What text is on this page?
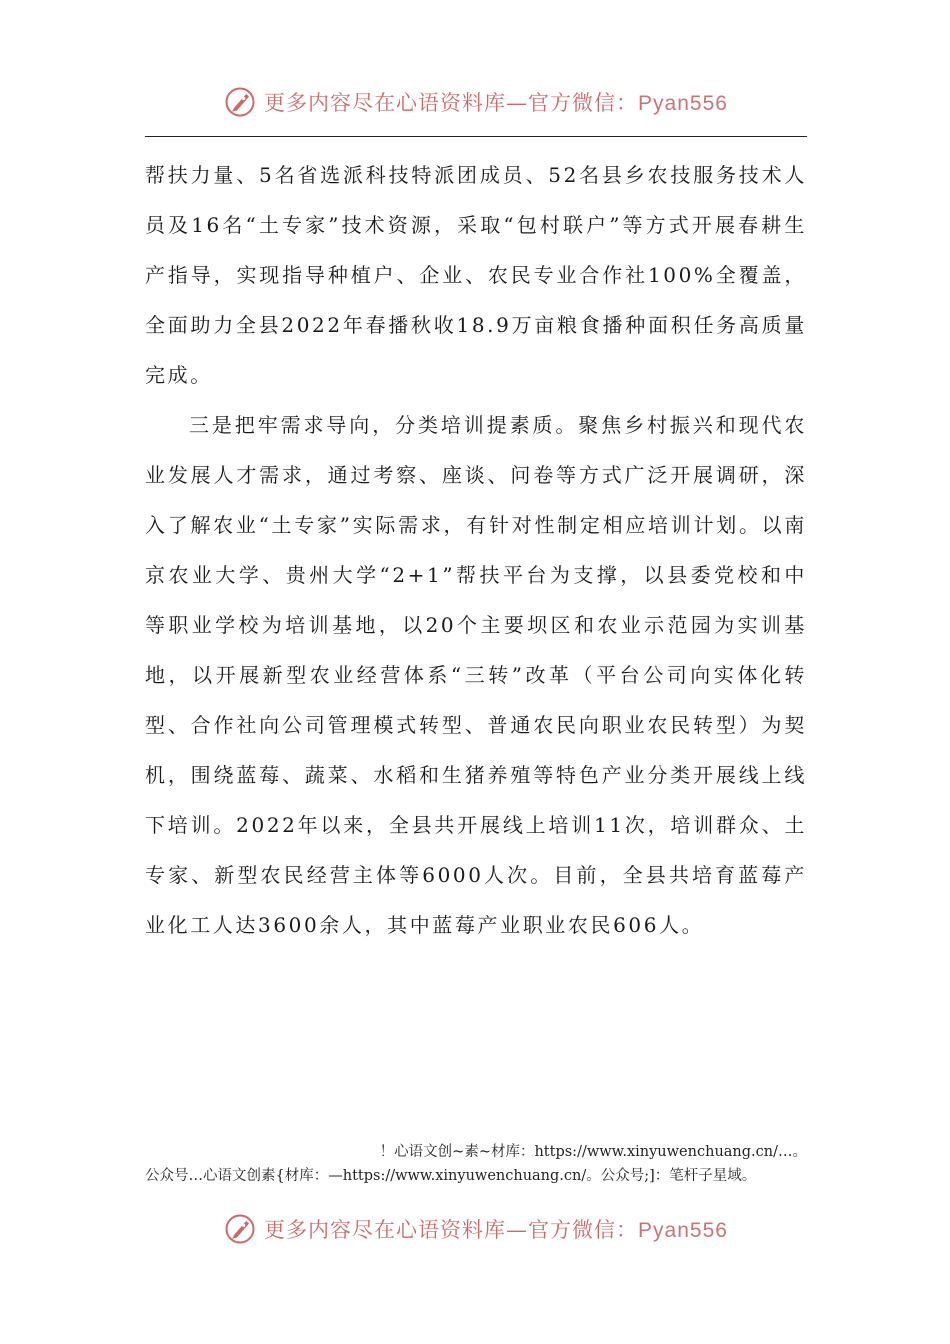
更多内容尽在心语资料库—官方微信：Pyan556

帮扶力量、5名省选派科技特派团成员、52名县乡农技服务技术人员及16名“土专家”技术资源，采取“包村联户”等方式开展春耕生产指导，实现指导种植户、企业、农民专业合作社100%全覆盖，全面助力全县2022年春播秋收18.9万亩粮食播种面积任务高质量完成。

三是把牢需求导向，分类培训提素质。聚焦乡村振兴和现代农业发展人才需求，通过考察、座谈、问卷等方式广泛开展调研，深入了解农业“土专家”实际需求，有针对性制定相应培训计划。以南京农业大学、贵州大学“2+1”帮扶平台为支撑，以县委党校和中等职业学校为培训基地，以20个主要坝区和农业示范园为实训基地，以开展新型农业经营体系“三转”改革（平台公司向实体化转型、合作社向公司管理模式转型、普通农民向职业农民转型）为契机，围绕蓝莓、蔬菜、水稻和生猪养殖等特色产业分类开展线上线下培训。2022年以来，全县共开展线上培训11次，培训群众、土专家、新型农民经营主体等6000人次。目前，全县共培育蓝莓产业化工人达3600余人，其中蓝莓产业职业农民606人。

！心语文创~素~材库：https://www.xinyuwenchuang.cn/…。
公众号…心语文创素{材库：—https://www.xinyuwenchuang.cn/。公众号;]：笔杆子星域。
更多内容尽在心语资料库—官方微信：Pyan556
